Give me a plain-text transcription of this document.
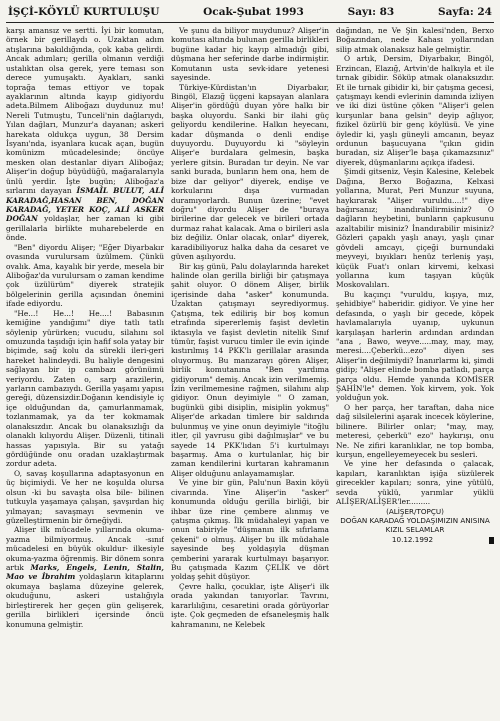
İŞÇİ-KÖYLÜ KURTULUŞU	Ocak-Şubat 1993	Sayı: 83	Sayfa: 24

karşı amansız ve sertti. İyi bir komutan, örnek bir gerillaydı o. Uzaktan adım atışlarına bakıldığında, çok kaba gelirdi. Ancak adımları; gerilla olmanın verdiği ustalıktan olsa gerek, yere teması son derece yumuşaktı. Ayakları, sanki toprağa temas ettiyor ve topak ayaklarının altında kayıp gidiyordu adeta.Bilmem Aliboğazı duydunuz mu! Nereli Tutmuştu, Tunceli'nin dağlarıydı, Yılan dağları, Munzur'a dayanan; askeri harekata oldukça uygun, 38 Dersim İsyanı'nda, isyanlara kucak açan, bugün komünizm mücadelesinde; öncüye mesken olan destanlar diyarı Aliboğaz; Alişer'in doğup büyüdüğü, mağaralarıyla ünlü yerdir. İşte bugün; Aliboğaz'a sırlarını dayayan İSMAİL BULUT, ALİ KARADAĞ,HASAN BEN, DOĞAN KARADAĞ, YETER KOÇ, ALİ ASKER DOĞAN yoldaşlar, her zaman ki gibi gerillalarla birlikte muharebelerde en önde.

"Ben" diyordu Alişer; "Eğer Diyarbakır ovasında vurulursam üzülmem. Çünkü ovalık. Ama, kayalık bir yerde, mesela bir Aliboğaz'da vurulursam o zaman kendime çok üzülürüm" diyerek stratejik bölgelerinin gerilla açısından önemini ifade ediyordu.

"He...! He...! He....! Babasının kemiğine yandığımı" diye tatlı tatlı söylenip yürürken; vucudu, silahını sol omuzunda taşıdığı için hafif sola yatay bir biçimde, sağ kolu da sürekli ileri-geri hareket halindeydi. Bu haliyle dengesini sağlayan bir ip cambazı görünümü veriyordu. Zaten o, sarp arazilerin, yarların cambazıydı. Gerilla yaşamı yapısı gereği, düzensizdir.Doğanın kendisiyle iç içe olduğundan da, çamurlanmamak, tozlanmamak, ya da ter kokmamak olanaksızdır. Ancak bu olanaksızlığı da olanaklı kılıyordu Alişer. Düzenli, titinali hassas yapısıyla. Bir su yatağı gördüğünde onu oradan uzaklaştırmak zordur adeta.

O, savaş koşullarına adaptasyonun en üç biçimiydi. Ve her ne koşulda olursa olsun -ki bu savaşta olsa bile- bilinen tutkuyla yaşamaya çalışan, şavşırdan hiç yılmayan; savaşmayı sevmenin ve güzelleştirmenin bir örneğiydi.

Alişer ilk mücadele yıllarında okuma-yazma bilmiyormuş. Ancak -sınıf mücadelesi en büyük okuldur- ilkesiyle okuma-yazma öğrenmiş. Bir dönem sonra artık Marks, Engels, Lenin, Stalin, Mao ve İbrahim yoldaşların kitaplarını okumaya başlama düzeyine gelerek, okuduğunu, askeri ustalığıyla birleştirerek her geçen gün gelişerek, gerilla birlikleri içersinde öncü konumuna gelmiştir.

Ve şunu da biliyor muydunuz? Alişer'in komutası altında bulunan gerilla birlikleri bugüne kadar hiç kayıp almadığı gibi, düşmana her seferinde darbe indirmiştir. Komutanın usta sevk-idare yetenesi sayesinde.

Türkiye-Kürdistan'ın Diyarbakır, Bingöl, Elazığ üçgeni kapsayan alanlara Alişer'in gördüğü duyan yöre halkı bir başka oluyordu. Sanki bir ilahi güç geliyordu kendilerine. Halkın heyecanı, kadar düşmanda o denli endişe duyuyordu. Duyuyordu ki "söyleyin Alişer'e burdalara gelmesin, başka yerlere gitsin. Buradan tır deyin. Ne var sanki burada, bunların hem ona, hem de bize dar geliyor" diyerek, endişe ve korkularını dışa vurmadan duramıyorlardı. Bunun üzerine; "evet doğru" diyordu Alişer de "buraya birilerine dar gelecek ve birileri ortada durmaz rahat kalacak. Ama o birileri asla biz değiliz. Onlar olacak, onlar" diyerek, karadibiliyoruz halka daha da cesaret ve güven aşılıyordu.

Bir kış günü, Palu dolaylarında hareket halinde olan gerilla birliği bir çatışmaya şahit oluyor. O dönem Alişer, birlik içerisinde daha "asker" konumunda. Uzaktan çatışmayı seyrediyormuş. Çatışma, tek ediliriş bir boş komun etrafında sipererlemiş faşist devletin iktasıyla ve faşist devletin nitelik Sınıf tümür, faşist vurucu timler ile evin içinde kıstırılmış 14 PKK'lı gerillalar arasında oluyormuş. Bu manzarayı gören Alişer, birlik komutanına "Ben yardıma gidiyorum" demiş. Ancak izin verilmemiş. İzin verilmemesine rağmen, silahını alıp gidiyor. Onun deyimiyle " O zaman, bugünkü gibi disiplin, misiplin yokmuş" Alişer'de arkadan timlere bir saldırıda bulunmuş ve yine onun deyimiyle "itoğlu itler, çil yavrusu gibi dağılmışlar" ve bu sayede 14 PKK'lıdan 5'i kurtulmayı başarmış. Ama o kurtulanlar, hiç bir zaman kendilerini kurtaran kahramanın Alişer olduğunu anlayamamışlar.

Ve yine bir gün, Palu'nun Baxin köyü civarında. Yine Alişer'in "asker" konumunda olduğu gerilla birliği, bir ihbar üze rine çembere alınmış ve çatışma çıkmış. İlk müdahaleyi yapan ve onun tabiriyle "düşmanın ilk sıfırlama çekeni" o olmuş. Alişer bu ilk müdahale sayesinde beş yoldaşıyla düşman çemberini yararak kurtulmayı başarıyor. Bu çatışmada Kazım ÇELİK ve dört yoldaş şehit düşüyor.

Çevre halkı, çocuklar, işte Alişer'i ilk orada yakından tanıyorlar. Tavrını, kararlılığını, cesaretini orada görüyorlar işte. Çok geçmeden de efsaneleşmiş halk kahramanını, ne Kelebek

dağından, ne Ve Şin kalesi'nden, Berxo Boğazından, nede Kahası yollarından silip atmak olanaksız hale gelmiştir.

O artık, Dersim, Diyarbakır, Bingöl, Erzincan, Elazığ, Artvin'de halkıyla et ile tırnak gibidir. Söküp atmak olanaksızdır. Et ile tırnak gibidir ki, bir çatışma gecesi, çatışmayı kendi evlerinin damında izliyen ve iki dizi üstüne çöken "Alişer'i gelen kurşunlar bana gelsin" deyip ağlıyor, fizikel özürlü bir genç köylüsü. Ve yine öyledir ki, yaşlı güneyli amcanın, beyaz ordunun başucuyana "çıkın gidin buradan, siz Alişer'le başa çıkamazsınız" diyerek, düşmanlarını açıkça ifadesi.

Şimdi gitseniz, Veşin Kalesine, Kelebek Dağına, Berxo Boğazına, Kelxasi yollarına, Murat, Peri Munzur suyuna, haykırarak "Alişer vuruldu....!" diye bağırsanız; inandırabilirmisiniz? O dağların heybetini, bunların çapkusunu azaltabilir misiniz? İnandırabilir misiniz? Gözleri çapaklı yaşlı anayı, yaşlı çınar gövdeli amcayı, çiçeği burnundaki meyveyi, bıyıkları henüz terleniş yaşı, küçük Fuat'ı onları kirvemi, kelxasi yollarına kum taşıyan küçük Moskovalıları.

Bu kaçınçı "vuruldu, kışıya, mız, şehidbiye" haberidir. gidiyor. Ve yine her defasında, o yaşlı bir gecede, köpek havlamalarıyla uyanıp, uykunun karşılaşan harlerin ardından ardından "ana , Bawo, weyve.....may, may, may, meresi....Çeberkü...ezo" diyen ses Alişer'in değilmiydi? İnanırlarmı ki, şimdi gidip; "Alişer elinde bomba patladı, parça parça oldu. Hemde yanında KOMİSER ŞAHİN'le" demen. Yok kirvem, yok. Yok yolduğun yok.

O her parça, her taraftan, daha nice dağ silsilelerini aşarak incecek köylerine, bilinere. Bilirler onlar; "may, may, meteresi, çeberkü" ezo" haykırışı, onu Ne. Ne zifiri karanlıklar, ne top bomba, kurşun, engelleyemeyecek bu sesleri.

Ve yine her defasında o çalacak, kapıları, karanlıktan işiğa süzülerek girecekler kapıları; sonra, yine yütülü, sevda yüklü, yarımlar yüklü ALİŞER/ALİŞER'ler.........

(ALİŞER/TOPÇU)

DOĞAN KARADAĞ YOLDAŞIMIZIN ANISINA

KIZIL SELAMLAR

10.12.1992
